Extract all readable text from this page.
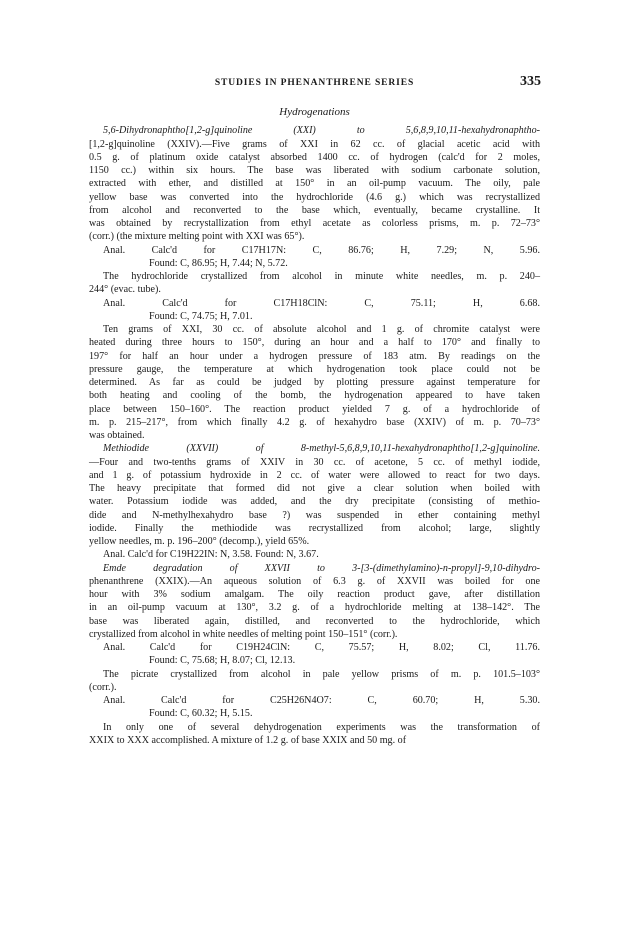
STUDIES IN PHENANTHRENE SERIES	335
Hydrogenations
5,6-Dihydronaphtho[1,2-g]quinoline (XXI) to 5,6,8,9,10,11-hexahydronaphtho-
[1,2-g]quinoline (XXIV).—Five grams of XXI in 62 cc. of glacial acetic acid with
0.5 g. of platinum oxide catalyst absorbed 1400 cc. of hydrogen (calc'd for 2 moles,
1150 cc.) within six hours. The base was liberated with sodium carbonate solution,
extracted with ether, and distilled at 150° in an oil-pump vacuum. The oily, pale
yellow base was converted into the hydrochloride (4.6 g.) which was recrystallized
from alcohol and reconverted to the base which, eventually, became crystalline. It
was obtained by recrystallization from ethyl acetate as colorless prisms, m. p. 72–73°
(corr.) (the mixture melting point with XXI was 65°).
Anal. Calc'd for C17H17N: C, 86.76; H, 7.29; N, 5.96.
Found: C, 86.95; H, 7.44; N, 5.72.
The hydrochloride crystallized from alcohol in minute white needles, m. p. 240–
244° (evac. tube).
Anal. Calc'd for C17H18ClN: C, 75.11; H, 6.68.
Found: C, 74.75; H, 7.01.
Ten grams of XXI, 30 cc. of absolute alcohol and 1 g. of chromite catalyst were
heated during three hours to 150°, during an hour and a half to 170° and finally to
197° for half an hour under a hydrogen pressure of 183 atm. By readings on the
pressure gauge, the temperature at which hydrogenation took place could not be
determined. As far as could be judged by plotting pressure against temperature for
both heating and cooling of the bomb, the hydrogenation appeared to have taken
place between 150–160°. The reaction product yielded 7 g. of a hydrochloride of
m. p. 215–217°, from which finally 4.2 g. of hexahydro base (XXIV) of m. p. 70–73°
was obtained.
Methiodide (XXVII) of 8-methyl-5,6,8,9,10,11-hexahydronaphtho[1,2-g]quinoline.
—Four and two-tenths grams of XXIV in 30 cc. of acetone, 5 cc. of methyl iodide,
and 1 g. of potassium hydroxide in 2 cc. of water were allowed to react for two days.
The heavy precipitate that formed did not give a clear solution when boiled with
water. Potassium iodide was added, and the dry precipitate (consisting of methio-
dide and N-methylhexahydro base ?) was suspended in ether containing methyl
iodide. Finally the methiodide was recrystallized from alcohol; large, slightly
yellow needles, m. p. 196–200° (decomp.), yield 65%.
Anal. Calc'd for C19H22IN: N, 3.58. Found: N, 3.67.
Emde degradation of XXVII to 3-[3-(dimethylamino)-n-propyl]-9,10-dihydro-
phenanthrene (XXIX).—An aqueous solution of 6.3 g. of XXVII was boiled for one
hour with 3% sodium amalgam. The oily reaction product gave, after distillation
in an oil-pump vacuum at 130°, 3.2 g. of a hydrochloride melting at 138–142°. The
base was liberated again, distilled, and reconverted to the hydrochloride, which
crystallized from alcohol in white needles of melting point 150–151° (corr.).
Anal. Calc'd for C19H24ClN: C, 75.57; H, 8.02; Cl, 11.76.
Found: C, 75.68; H, 8.07; Cl, 12.13.
The picrate crystallized from alcohol in pale yellow prisms of m. p. 101.5–103°
(corr.).
Anal. Calc'd for C25H26N4O7: C, 60.70; H, 5.30.
Found: C, 60.32; H, 5.15.
In only one of several dehydrogenation experiments was the transformation of
XXIX to XXX accomplished. A mixture of 1.2 g. of base XXIX and 50 mg. of
